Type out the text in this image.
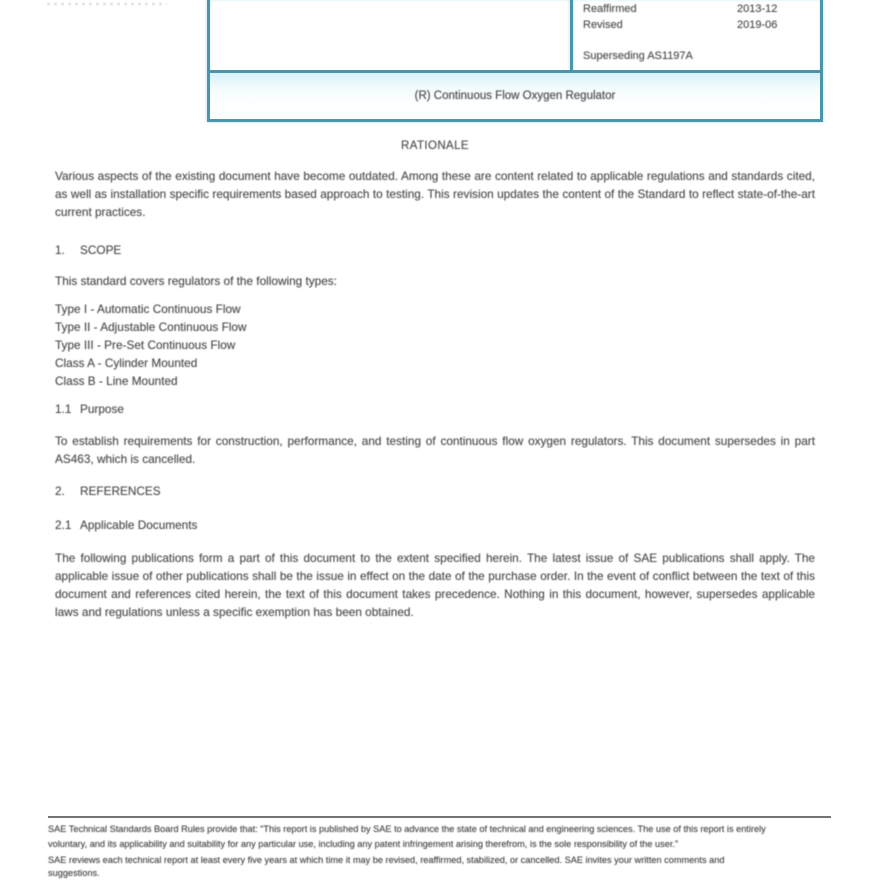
Reaffirmed	2013-12
Revised	2019-06
Superseding AS1197A
(R) Continuous Flow Oxygen Regulator
RATIONALE
Various aspects of the existing document have become outdated. Among these are content related to applicable regulations and standards cited, as well as installation specific requirements based approach to testing. This revision updates the content of the Standard to reflect state-of-the-art current practices.
1.	SCOPE
This standard covers regulators of the following types:
Type I - Automatic Continuous Flow
Type II - Adjustable Continuous Flow
Type III - Pre-Set Continuous Flow
Class A - Cylinder Mounted
Class B - Line Mounted
1.1 Purpose
To establish requirements for construction, performance, and testing of continuous flow oxygen regulators. This document supersedes in part AS463, which is cancelled.
2.	REFERENCES
2.1 Applicable Documents
The following publications form a part of this document to the extent specified herein. The latest issue of SAE publications shall apply. The applicable issue of other publications shall be the issue in effect on the date of the purchase order. In the event of conflict between the text of this document and references cited herein, the text of this document takes precedence. Nothing in this document, however, supersedes applicable laws and regulations unless a specific exemption has been obtained.
SAE Technical Standards Board Rules provide that: “This report is published by SAE to advance the state of technical and engineering sciences. The use of this report is entirely
voluntary, and its applicability and suitability for any particular use, including any patent infringement arising therefrom, is the sole responsibility of the user.”
SAE reviews each technical report at least every five years at which time it may be revised, reaffirmed, stabilized, or cancelled. SAE invites your written comments and
suggestions.
